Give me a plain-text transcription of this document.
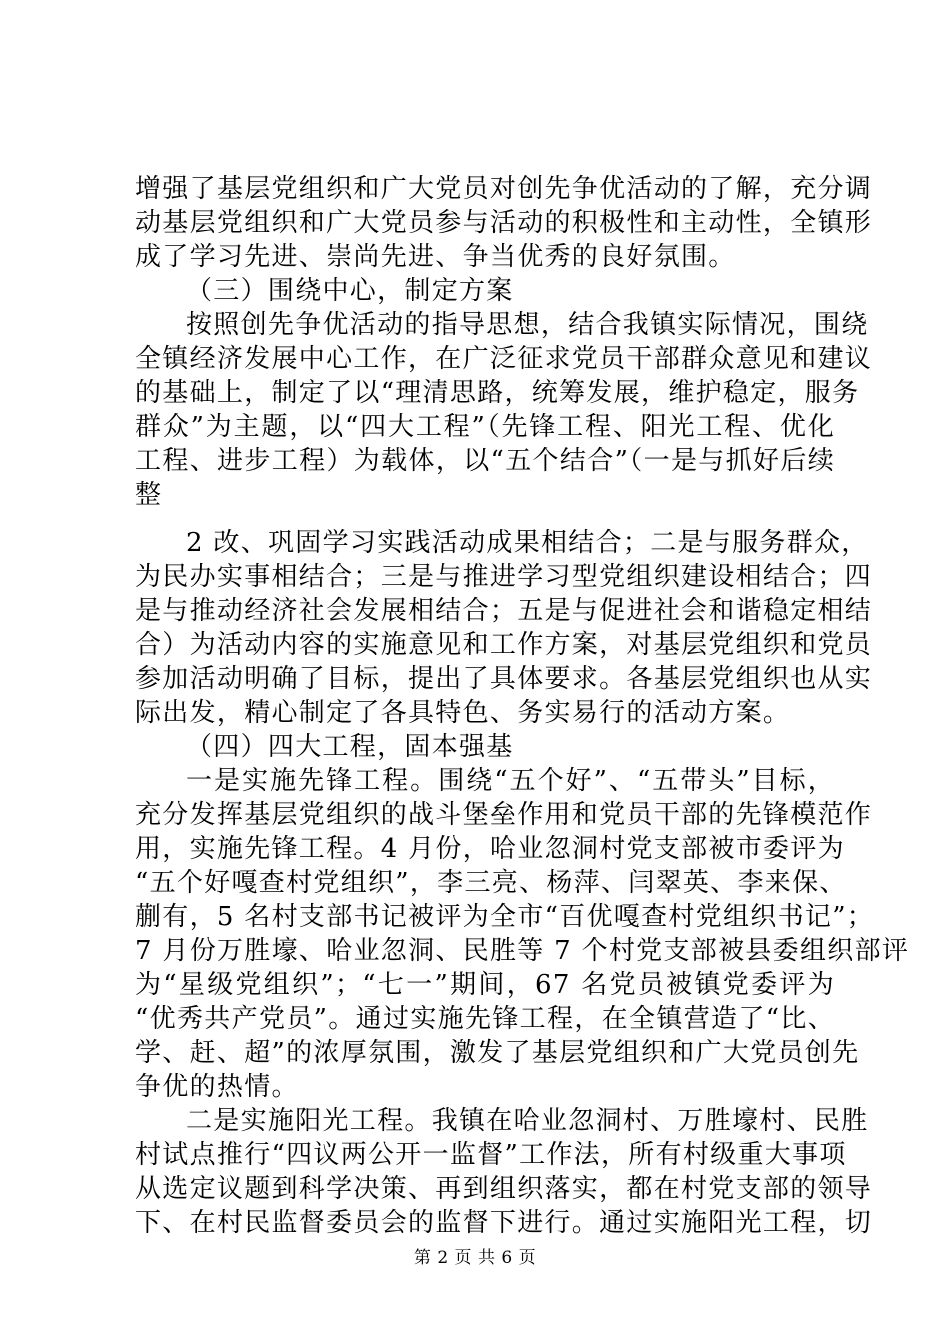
增强了基层党组织和广大党员对创先争优活动的了解，充分调
动基层党组织和广大党员参与活动的积极性和主动性，全镇形
成了学习先进、崇尚先进、争当优秀的良好氛围。
（三）围绕中心，制定方案
按照创先争优活动的指导思想，结合我镇实际情况，围绕
全镇经济发展中心工作，在广泛征求党员干部群众意见和建议
的基础上，制定了以“理清思路，统筹发展，维护稳定，服务
群众”为主题，以“四大工程”（先锋工程、阳光工程、优化
工程、进步工程）为载体，以“五个结合”（一是与抓好后续
整
2 改、巩固学习实践活动成果相结合；二是与服务群众，
为民办实事相结合；三是与推进学习型党组织建设相结合；四
是与推动经济社会发展相结合；五是与促进社会和谐稳定相结
合）为活动内容的实施意见和工作方案，对基层党组织和党员
参加活动明确了目标，提出了具体要求。各基层党组织也从实
际出发，精心制定了各具特色、务实易行的活动方案。
（四）四大工程，固本强基
一是实施先锋工程。围绕“五个好”、“五带头”目标，
充分发挥基层党组织的战斗堡垒作用和党员干部的先锋模范作
用，实施先锋工程。4 月份，哈业忽洞村党支部被市委评为
“五个好嘎查村党组织”，李三亮、杨萍、闫翠英、李来保、
蒯有，5 名村支部书记被评为全市“百优嘎查村党组织书记”；
7 月份万胜壕、哈业忽洞、民胜等 7 个村党支部被县委组织部评
为“星级党组织”；“七一”期间，67 名党员被镇党委评为
“优秀共产党员”。通过实施先锋工程，在全镇营造了“比、
学、赶、超”的浓厚氛围，激发了基层党组织和广大党员创先
争优的热情。
二是实施阳光工程。我镇在哈业忽洞村、万胜壕村、民胜
村试点推行“四议两公开一监督”工作法，所有村级重大事项
从选定议题到科学决策、再到组织落实，都在村党支部的领导
下、在村民监督委员会的监督下进行。通过实施阳光工程，切
第 2 页 共 6 页
